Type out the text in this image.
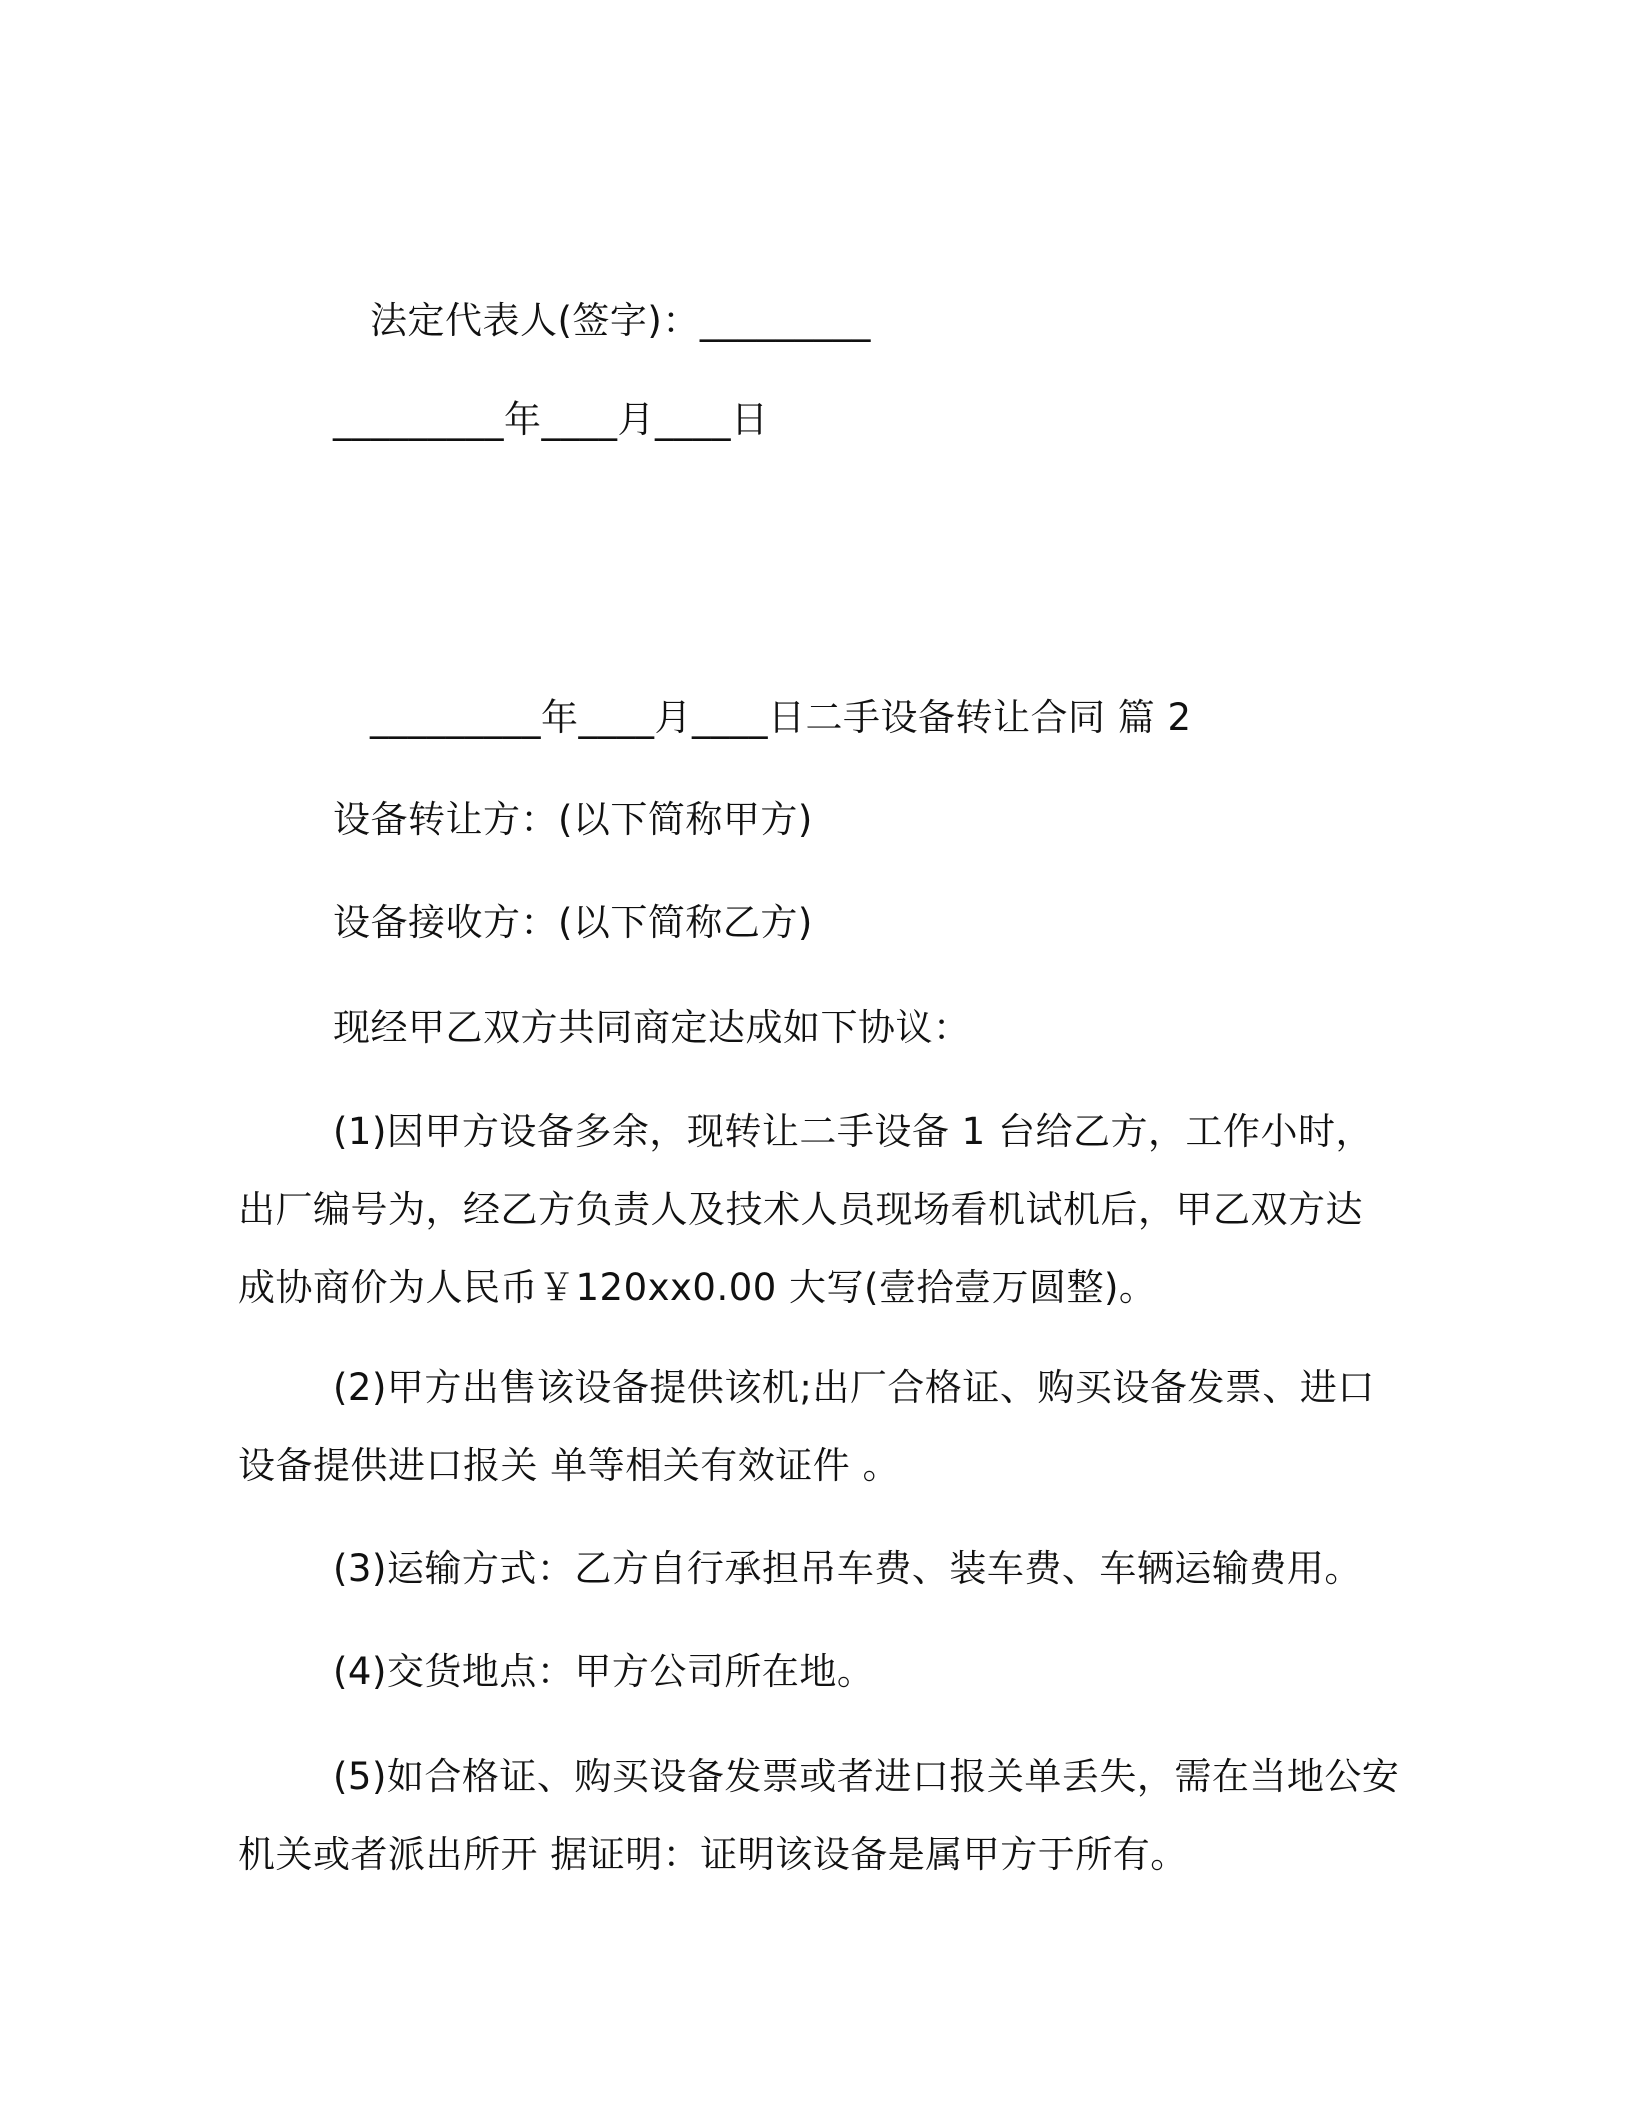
法定代表人(签字)：_________
_________年____月____日
_________年____月____日二手设备转让合同 篇 2
设备转让方：(以下简称甲方)
设备接收方：(以下简称乙方)
现经甲乙双方共同商定达成如下协议：
(1)因甲方设备多余，现转让二手设备 1 台给乙方，工作小时，
出厂编号为，经乙方负责人及技术人员现场看机试机后，甲乙双方达
成协商价为人民币￥120xx0.00 大写(壹拾壹万圆整)。
(2)甲方出售该设备提供该机;出厂合格证、购买设备发票、进口
设备提供进口报关 单等相关有效证件 。
(3)运输方式：乙方自行承担吊车费、装车费、车辆运输费用。
(4)交货地点：甲方公司所在地。
(5)如合格证、购买设备发票或者进口报关单丢失，需在当地公安
机关或者派出所开 据证明：证明该设备是属甲方于所有。
